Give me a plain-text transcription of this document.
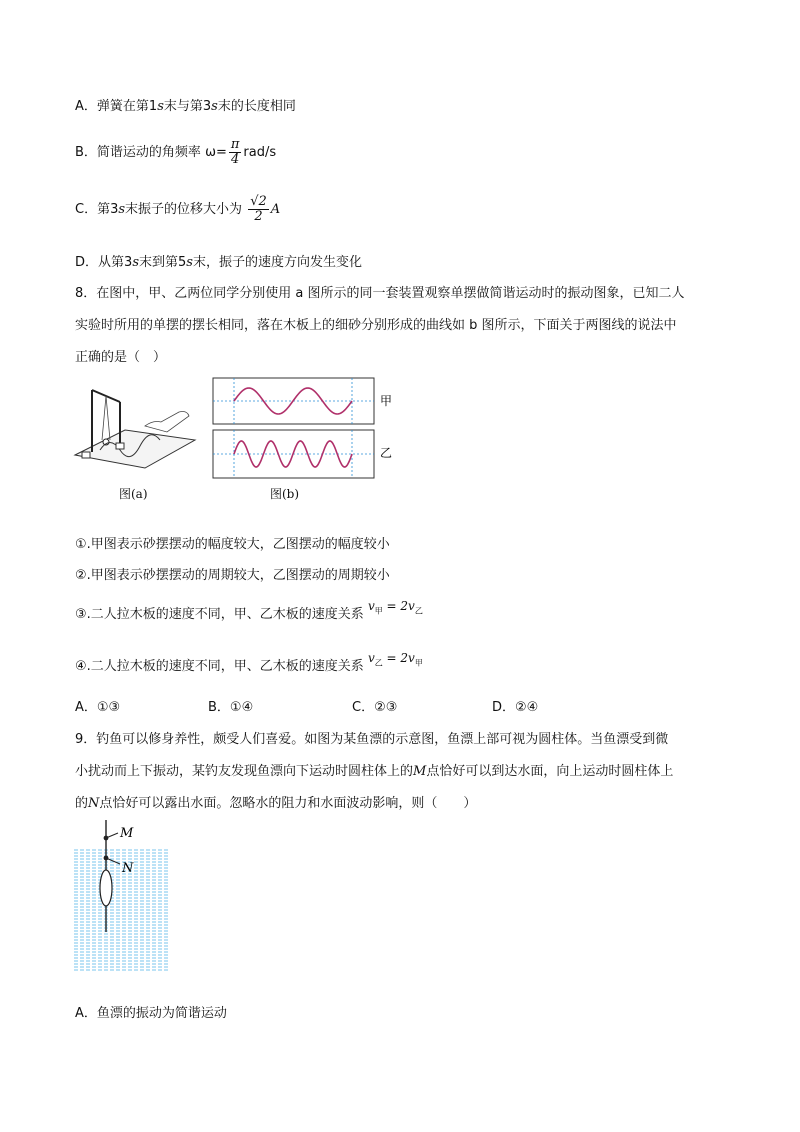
A．弹簧在第1s末与第3s末的长度相同
B．简谐运动的角频率 $\omega= \frac{\pi}{4} rad/s$
C．第3s末振子的位移大小为 $\frac{√2}{2}$ A
D．从第3s末到第5s末，振子的速度方向发生变化
8．在图中，甲、乙两位同学分别使用 a 图所示的同一套装置观察单摆做简谐运动时的振动图象，已知二人
实验时所用的单摆的摆长相同，落在木板上的细砂分别形成的曲线如 b 图所示，下面关于两图线的说法中
正确的是（　）
图(a)
甲
乙
图(b)
①.甲图表示砂摆摆动的幅度较大，乙图摆动的幅度较小
②.甲图表示砂摆摆动的周期较大，乙图摆动的周期较小
③.二人拉木板的速度不同，甲、乙木板的速度关系 $v_甲 = 2v_乙$
④.二人拉木板的速度不同，甲、乙木板的速度关系 $v_乙 = 2v_甲$
A．①③	B．①④	C．②③	D．②④
9．钓鱼可以修身养性，颇受人们喜爱。如图为某鱼漂的示意图，鱼漂上部可视为圆柱体。当鱼漂受到微
小扰动而上下振动，某钓友发现鱼漂向下运动时圆柱体上的M点恰好可以到达水面，向上运动时圆柱体上
的N点恰好可以露出水面。忽略水的阻力和水面波动影响，则（　　）
M
N
A．鱼漂的振动为简谐运动
